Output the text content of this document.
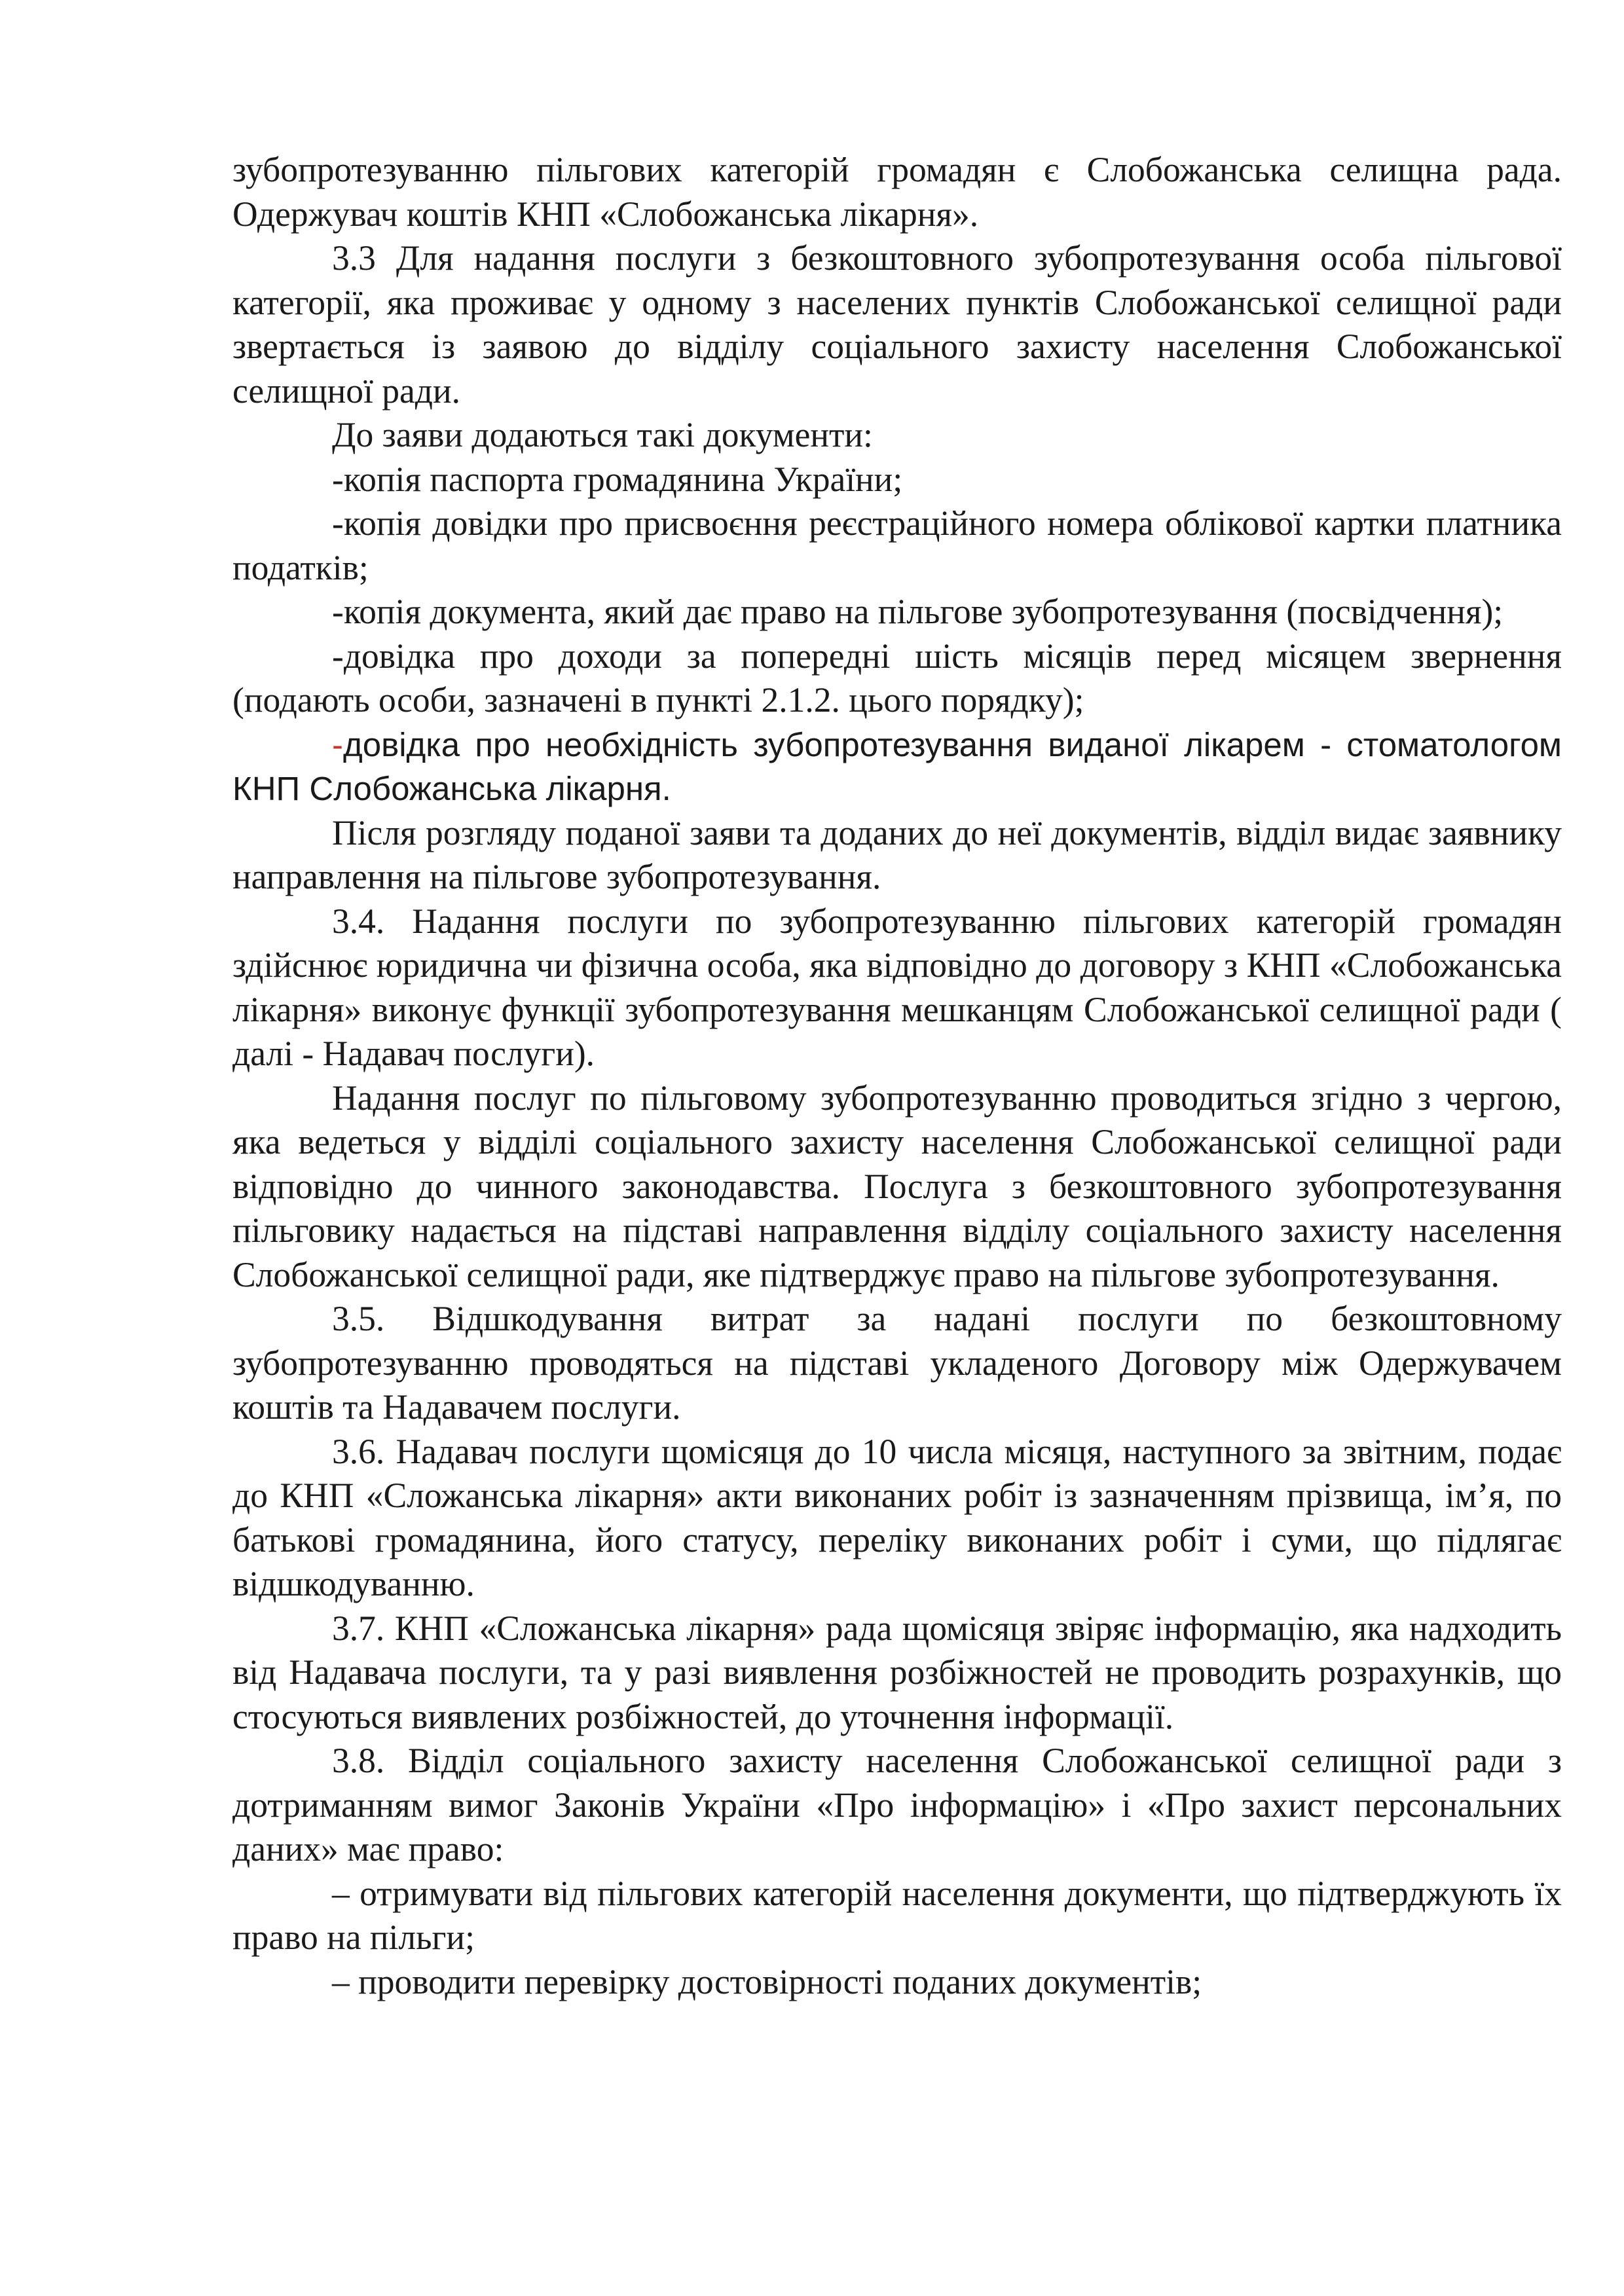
зубопротезуванню пільгових категорій громадян є Слобожанська селищна рада. Одержувач коштів КНП «Слобожанська лікарня».

3.3 Для надання послуги з безкоштовного зубопротезування особа пільгової категорії, яка проживає у одному з населених пунктів Слобожанської селищної ради звертається із заявою до відділу соціального захисту населення Слобожанської селищної ради.

До заяви додаються такі документи:

-копія паспорта громадянина України;

-копія довідки про присвоєння реєстраційного номера облікової картки платника податків;

-копія документа, який дає право на пільгове зубопротезування (посвідчення);

-довідка про доходи за попередні шість місяців перед місяцем звернення (подають особи, зазначені в пункті 2.1.2. цього порядку);

-довідка про необхідність зубопротезування виданої лікарем - стоматологом КНП Слобожанська лікарня.

Після розгляду поданої заяви та доданих до неї документів, відділ видає заявнику направлення на пільгове зубопротезування.

3.4. Надання послуги по зубопротезуванню пільгових категорій громадян здійснює юридична чи фізична особа, яка відповідно до договору з КНП «Слобожанська лікарня» виконує функції зубопротезування мешканцям Слобожанської селищної ради ( далі - Надавач послуги).

Надання послуг по пільговому зубопротезуванню проводиться згідно з чергою, яка ведеться у відділі соціального захисту населення Слобожанської селищної ради відповідно до чинного законодавства. Послуга з безкоштовного зубопротезування пільговику надається на підставі направлення відділу соціального захисту населення Слобожанської селищної ради, яке підтверджує право на пільгове зубопротезування.

3.5. Відшкодування витрат за надані послуги по безкоштовному зубопротезуванню проводяться на підставі укладеного Договору між Одержувачем коштів та Надавачем послуги.

3.6. Надавач послуги щомісяця до 10 числа місяця, наступного за звітним, подає до КНП «Сложанська лікарня» акти виконаних робіт із зазначенням прізвища, ім’я, по батькові громадянина, його статусу, переліку виконаних робіт і суми, що підлягає відшкодуванню.

3.7. КНП «Сложанська лікарня» рада щомісяця звіряє інформацію, яка надходить від Надавача послуги, та у разі виявлення розбіжностей не проводить розрахунків, що стосуються виявлених розбіжностей, до уточнення інформації.

3.8. Відділ соціального захисту населення Слобожанської селищної ради з дотриманням вимог Законів України «Про інформацію» і «Про захист персональних даних» має право:

– отримувати від пільгових категорій населення документи, що підтверджують їх право на пільги;

– проводити перевірку достовірності поданих документів;
